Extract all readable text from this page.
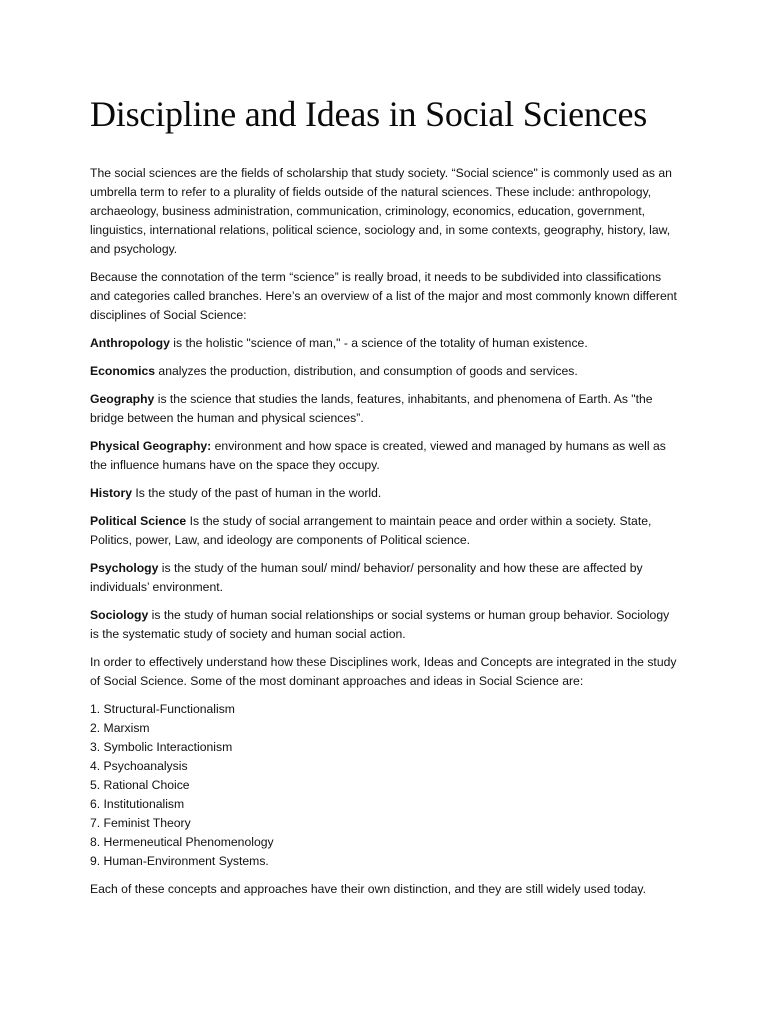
Discipline and Ideas in Social Sciences

The social sciences are the fields of scholarship that study society. “Social science" is commonly used as an umbrella term to refer to a plurality of fields outside of the natural sciences. These include: anthropology, archaeology, business administration, communication, criminology, economics, education, government, linguistics, international relations, political science, sociology and, in some contexts, geography, history, law, and psychology.

Because the connotation of the term “science” is really broad, it needs to be subdivided into classifications and categories called branches. Here’s an overview of a list of the major and most commonly known different disciplines of Social Science:

Anthropology is the holistic "science of man," - a science of the totality of human existence.

Economics analyzes the production, distribution, and consumption of goods and services.

Geography is the science that studies the lands, features, inhabitants, and phenomena of Earth. As "the bridge between the human and physical sciences”.

Physical Geography: environment and how space is created, viewed and managed by humans as well as the influence humans have on the space they occupy.

History Is the study of the past of human in the world.

Political Science Is the study of social arrangement to maintain peace and order within a society. State, Politics, power, Law, and ideology are components of Political science.

Psychology is the study of the human soul/ mind/ behavior/ personality and how these are affected by individuals’ environment.

Sociology is the study of human social relationships or social systems or human group behavior. Sociology is the systematic study of society and human social action.

In order to effectively understand how these Disciplines work, Ideas and Concepts are integrated in the study of Social Science. Some of the most dominant approaches and ideas in Social Science are:

1. Structural-Functionalism
2. Marxism
3. Symbolic Interactionism
4. Psychoanalysis
5. Rational Choice
6. Institutionalism
7. Feminist Theory
8. Hermeneutical Phenomenology
9. Human-Environment Systems.

Each of these concepts and approaches have their own distinction, and they are still widely used today.
